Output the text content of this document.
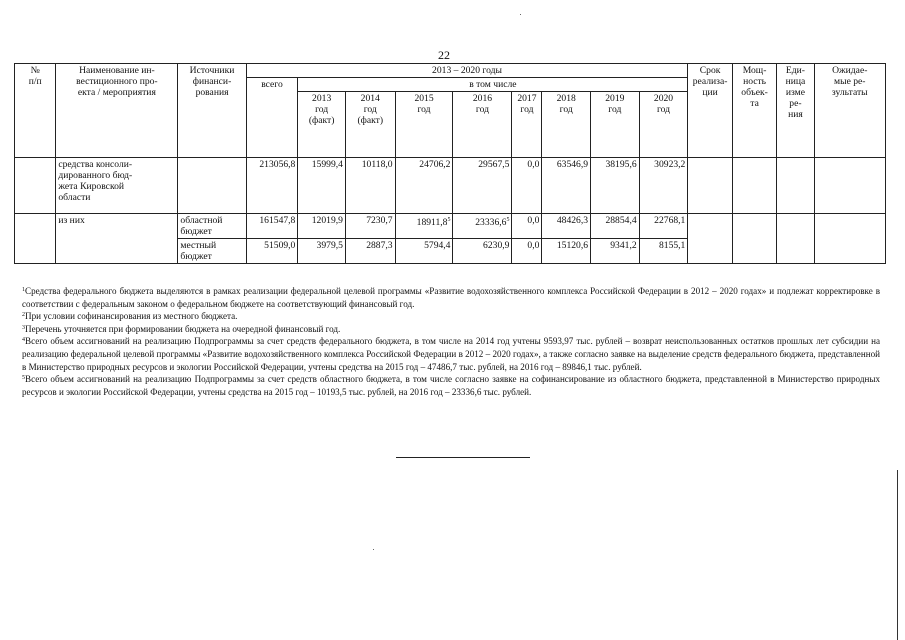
22
№
п/п	Наименование ин-
вестиционного про-
екта / мероприятия	Источники
финанси-
рования	2013 – 2020 годы									Срок
реализа-
ции	Мощ-
ность
объек-
та	Еди-
ница
изме
ре-
ния	Ожидае-
мые ре-
зультаты
			всего	в том числе											
				2013
год
(факт)	2014
год
(факт)	2015
год	2016
год	2017
год	2018
год	2019
год	2020
год				
	средства консоли-
дированного бюд-
жета Кировской
области		213056,8	15999,4	10118,0	24706,2	29567,5	0,0	63546,9	38195,6	30923,2				
	из них	областной
бюджет	161547,8	12019,9	7230,7	18911,8$^5$	23336,6$^5$	0,0	48426,3	28854,4	22768,1				
		местный
бюджет	51509,0	3979,5	2887,3	5794,4	6230,9	0,0	15120,6	9341,2	8155,1				

$^1$Средства федерального бюджета выделяются в рамках реализации федеральной целевой программы «Развитие водохозяйственного комплекса Российской Федерации в 2012 – 2020 годах» и подлежат корректировке в соответствии с федеральным законом о федеральном бюджете на соответствующий финансовый год.

$^2$При условии софинансирования из местного бюджета.

$^3$Перечень уточняется при формировании бюджета на очередной финансовый год.

$^4$Всего объем ассигнований на реализацию Подпрограммы за счет средств федерального бюджета, в том числе на 2014 год учтены 9593,97 тыс. рублей – возврат неиспользованных остатков прошлых лет субсидии на реализацию федеральной целевой программы «Развитие водохозяйственного комплекса Российской Федерации в 2012 – 2020 годах», а также согласно заявке на выделение средств федерального бюджета, представленной в Министерство природных ресурсов и экологии Российской Федерации, учтены средства на 2015 год – 47486,7 тыс. рублей, на 2016 год – 89846,1 тыс. рублей.

$^5$Всего объем ассигнований на реализацию Подпрограммы за счет средств областного бюджета, в том числе согласно заявке на софинансирование из областного бюджета, представленной в Министерство природных ресурсов и экологии Российской Федерации, учтены средства на 2015 год – 10193,5 тыс. рублей, на 2016 год – 23336,6 тыс. рублей.
